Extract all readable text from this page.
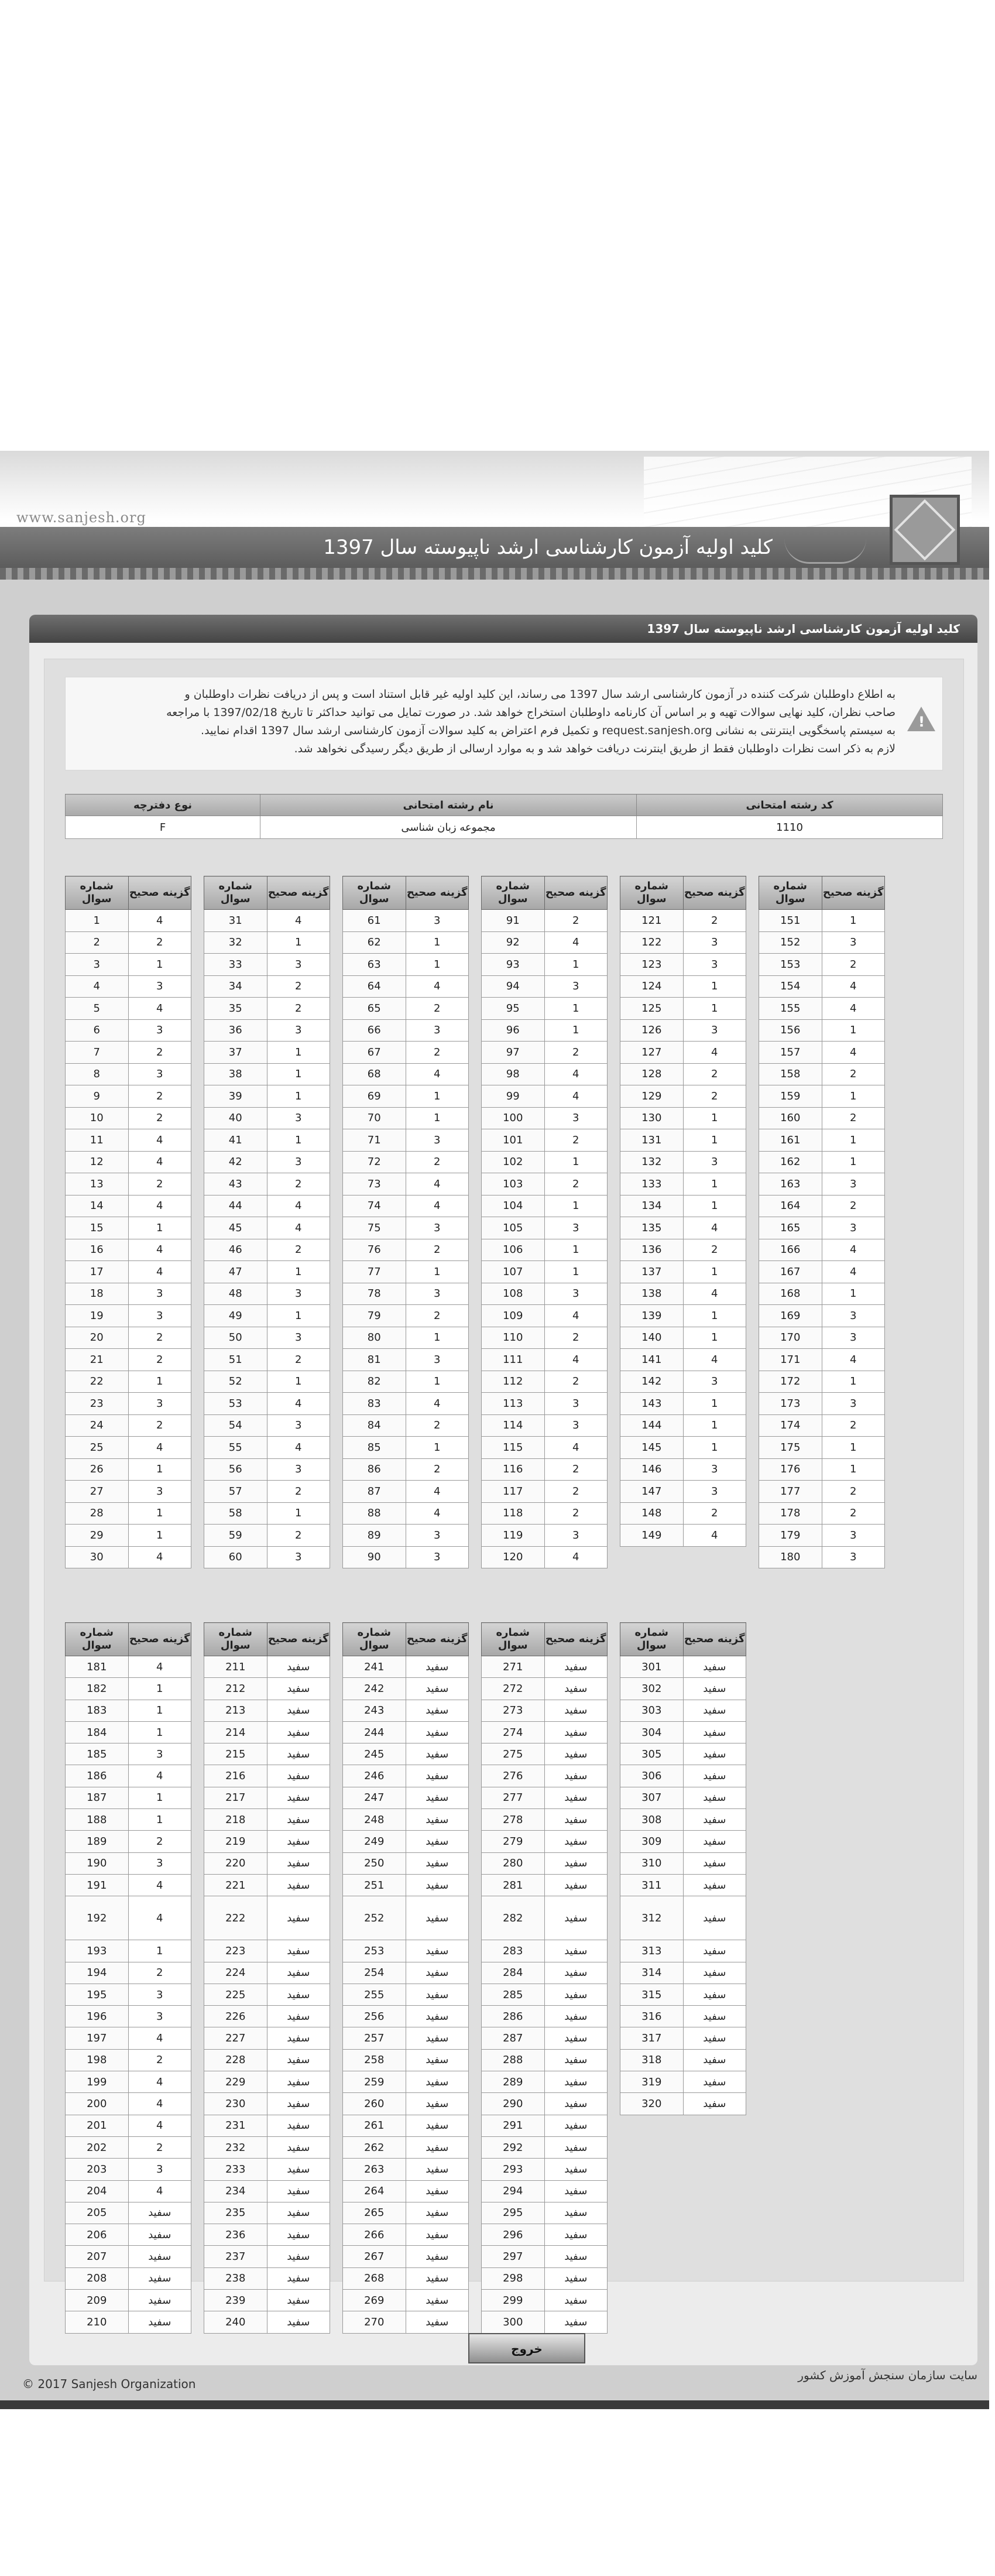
www.sanjesh.org
کلید اولیه آزمون کارشناسی ارشد ناپیوسته سال 1397
کلید اولیه آزمون کارشناسی ارشد ناپیوسته سال 1397
!
به اطلاع داوطلبان شرکت کننده در آزمون کارشناسی ارشد سال 1397 می رساند، این کلید اولیه غیر قابل استناد است و پس از دریافت نظرات داوطلبان و
صاحب نظران، کلید نهایی سوالات تهیه و بر اساس آن کارنامه داوطلبان استخراج خواهد شد. در صورت تمایل می توانید حداکثر تا تاریخ 1397/02/18 با مراجعه
به سیستم پاسخگویی اینترنتی به نشانی request.sanjesh.org و تکمیل فرم اعتراض به کلید سوالات آزمون کارشناسی ارشد سال 1397 اقدام نمایید.
لازم به ذکر است نظرات داوطلبان فقط از طریق اینترنت دریافت خواهد شد و به موارد ارسالی از طریق دیگر رسیدگی نخواهد شد.
کد رشته امتحانی	نام رشته امتحانی	نوع دفترچه
1110	مجموعه زبان شناسی	F
شماره سوال	گزینه صحیح
1	4
2	2
3	1
4	3
5	4
6	3
7	2
8	3
9	2
10	2
11	4
12	4
13	2
14	4
15	1
16	4
17	4
18	3
19	3
20	2
21	2
22	1
23	3
24	2
25	4
26	1
27	3
28	1
29	1
30	4
شماره سوال	گزینه صحیح
31	4
32	1
33	3
34	2
35	2
36	3
37	1
38	1
39	1
40	3
41	1
42	3
43	2
44	4
45	4
46	2
47	1
48	3
49	1
50	3
51	2
52	1
53	4
54	3
55	4
56	3
57	2
58	1
59	2
60	3
شماره سوال	گزینه صحیح
61	3
62	1
63	1
64	4
65	2
66	3
67	2
68	4
69	1
70	1
71	3
72	2
73	4
74	4
75	3
76	2
77	1
78	3
79	2
80	1
81	3
82	1
83	4
84	2
85	1
86	2
87	4
88	4
89	3
90	3
شماره سوال	گزینه صحیح
91	2
92	4
93	1
94	3
95	1
96	1
97	2
98	4
99	4
100	3
101	2
102	1
103	2
104	1
105	3
106	1
107	1
108	3
109	4
110	2
111	4
112	2
113	3
114	3
115	4
116	2
117	2
118	2
119	3
120	4
شماره سوال	گزینه صحیح
121	2
122	3
123	3
124	1
125	1
126	3
127	4
128	2
129	2
130	1
131	1
132	3
133	1
134	1
135	4
136	2
137	1
138	4
139	1
140	1
141	4
142	3
143	1
144	1
145	1
146	3
147	3
148	2
149	4
شماره سوال	گزینه صحیح
151	1
152	3
153	2
154	4
155	4
156	1
157	4
158	2
159	1
160	2
161	1
162	1
163	3
164	2
165	3
166	4
167	4
168	1
169	3
170	3
171	4
172	1
173	3
174	2
175	1
176	1
177	2
178	2
179	3
180	3
شماره سوال	گزینه صحیح
181	4
182	1
183	1
184	1
185	3
186	4
187	1
188	1
189	2
190	3
191	4
192	4
193	1
194	2
195	3
196	3
197	4
198	2
199	4
200	4
201	4
202	2
203	3
204	4
205	سفید
206	سفید
207	سفید
208	سفید
209	سفید
210	سفید
شماره سوال	گزینه صحیح
211	سفید
212	سفید
213	سفید
214	سفید
215	سفید
216	سفید
217	سفید
218	سفید
219	سفید
220	سفید
221	سفید
222	سفید
223	سفید
224	سفید
225	سفید
226	سفید
227	سفید
228	سفید
229	سفید
230	سفید
231	سفید
232	سفید
233	سفید
234	سفید
235	سفید
236	سفید
237	سفید
238	سفید
239	سفید
240	سفید
شماره سوال	گزینه صحیح
241	سفید
242	سفید
243	سفید
244	سفید
245	سفید
246	سفید
247	سفید
248	سفید
249	سفید
250	سفید
251	سفید
252	سفید
253	سفید
254	سفید
255	سفید
256	سفید
257	سفید
258	سفید
259	سفید
260	سفید
261	سفید
262	سفید
263	سفید
264	سفید
265	سفید
266	سفید
267	سفید
268	سفید
269	سفید
270	سفید
شماره سوال	گزینه صحیح
271	سفید
272	سفید
273	سفید
274	سفید
275	سفید
276	سفید
277	سفید
278	سفید
279	سفید
280	سفید
281	سفید
282	سفید
283	سفید
284	سفید
285	سفید
286	سفید
287	سفید
288	سفید
289	سفید
290	سفید
291	سفید
292	سفید
293	سفید
294	سفید
295	سفید
296	سفید
297	سفید
298	سفید
299	سفید
300	سفید
شماره سوال	گزینه صحیح
301	سفید
302	سفید
303	سفید
304	سفید
305	سفید
306	سفید
307	سفید
308	سفید
309	سفید
310	سفید
311	سفید
312	سفید
313	سفید
314	سفید
315	سفید
316	سفید
317	سفید
318	سفید
319	سفید
320	سفید
خروج
© 2017 Sanjesh Organization
سایت سازمان سنجش آموزش کشور
